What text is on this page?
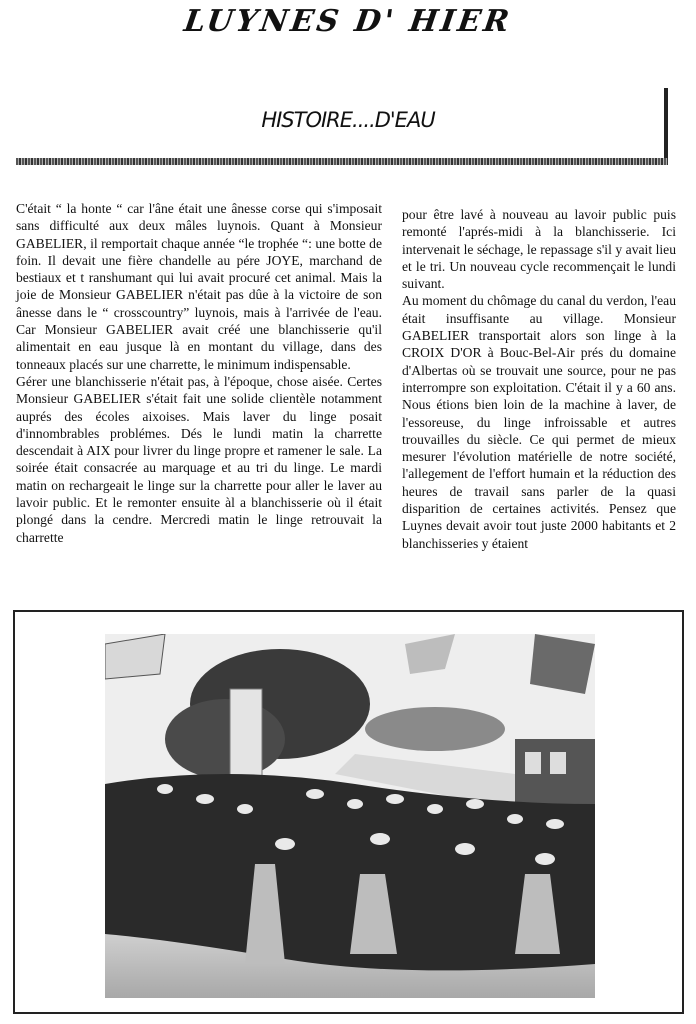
LUYNES D' HIER
HISTOIRE....D'EAU

C'était “ la honte “ car l'âne était une ânesse corse qui s'imposait sans difficulté aux deux mâles luynois. Quant à Monsieur GABELIER, il remportait chaque année “le trophée “: une botte de foin. Il devait une fière chandelle au pére JOYE, marchand de bestiaux et t ranshumant qui lui avait procuré cet animal. Mais la joie de Monsieur GABELIER n'était pas dûe à la victoire de son ânesse dans le “ crosscountry” luynois, mais à l'arrivée de l'eau. Car Monsieur GABELIER avait créé une blanchisserie qu'il alimentait en eau jusque là en montant du village, dans des tonneaux placés sur une charrette, le minimum indispensable.

Gérer une blanchisserie n'était pas, à l'époque, chose aisée. Certes Monsieur GABELIER s'était fait une solide clientèle notamment auprés des écoles aixoises. Mais laver du linge posait d'innombrables problémes. Dés le lundi matin la charrette descendait à AIX pour livrer du linge propre et ramener le sale. La soirée était consacrée au marquage et au tri du linge. Le mardi matin on rechargeait le linge sur la charrette pour aller le laver au lavoir public. Et le remonter ensuite àl a blanchisserie où il était plongé dans la cendre. Mercredi matin le linge retrouvait la charrette

pour être lavé à nouveau au lavoir public puis remonté l'aprés-midi à la blanchisserie. Ici intervenait le séchage, le repassage s'il y avait lieu et le tri. Un nouveau cycle recommençait le lundi suivant.

Au moment du chômage du canal du verdon, l'eau était insuffisante au village. Monsieur GABELIER transportait alors son linge à la CROIX D'OR à Bouc-Bel-Air prés du domaine d'Albertas où se trouvait une source, pour ne pas interrompre son exploitation. C'était il y a 60 ans. Nous étions bien loin de la machine à laver, de l'essoreuse, du linge infroissable et autres trouvailles du siècle. Ce qui permet de mieux mesurer l'évolution matérielle de notre société, l'allegement de l'effort humain et la réduction des heures de travail sans parler de la quasi disparition de certaines activités. Pensez que Luynes devait avoir tout juste 2000 habitants et 2 blanchisseries y étaient
